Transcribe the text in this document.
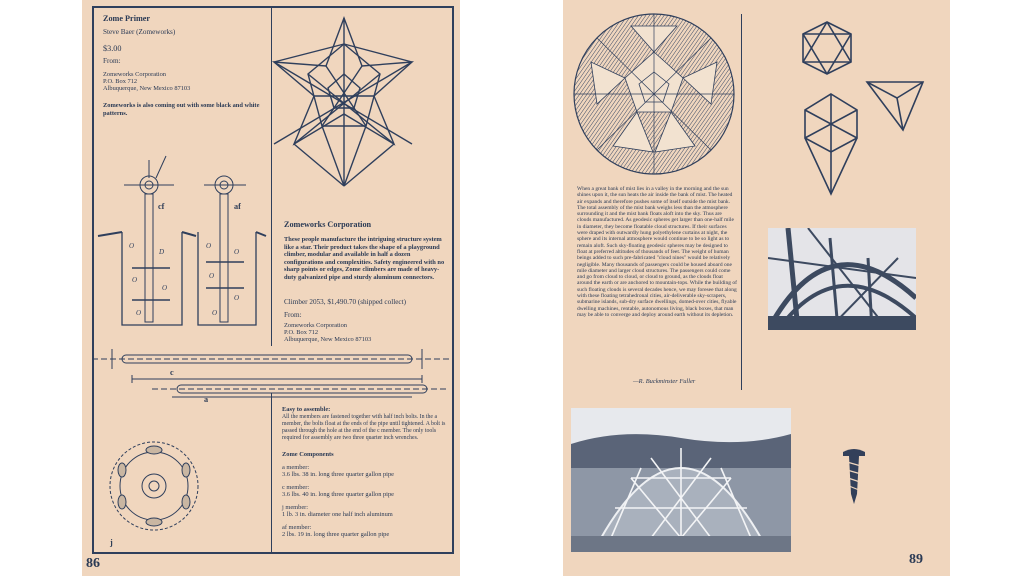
Zome Primer

Steve Baer (Zomeworks)

$3.00

From:

Zomeworks Corporation

P.O. Box 712

Albuquerque, New Mexico 87103

Zomeworks is also coming out with some black and white patterns.

O
D
O
O
O
O
O
O
O
O

cf	af

Zomeworks Corporation

These people manufacture the intriguing structure system like a star. Their product takes the shape of a playground climber, modular and available in half a dozen configurations and complexities. Safety engineered with no sharp points or edges, Zome climbers are made of heavy-duty galvanized pipe and sturdy aluminum connectors.

Climber 2053, $1,490.70 (shipped collect)

From:

Zomeworks Corporation

P.O. Box 712

Albuquerque, New Mexico 87103

c

a

j

Easy to assemble:

All the members are fastened together with half inch bolts. In the a member, the bolts float at the ends of the pipe until tightened. A bolt is passed through the hole at the end of the c member. The only tools required for assembly are two three quarter inch wrenches.

Zome Components

a member:

3.6 lbs. 38 in. long three quarter gallon pipe

c member:

3.6 lbs. 40 in. long three quarter gallon pipe

j member:

1 lb. 3 in. diameter one half inch aluminum

af member:

2 lbs. 19 in. long three quarter gallon pipe

86

When a great bank of mist lies in a valley in the morning and the sun shines upon it, the sun heats the air inside the bank of mist. The heated air expands and therefore pushes some of itself outside the mist bank. The total assembly of the mist bank weighs less than the atmosphere surrounding it and the mist bank floats aloft into the sky. Thus are clouds manufactured. As geodesic spheres get larger than one-half mile in diameter, they become floatable cloud structures. If their surfaces were draped with outwardly hung polyethylene curtains at night, the sphere and its internal atmosphere would continue to be so light as to remain aloft. Such sky-floating geodesic spheres may be designed to float at preferred altitudes of thousands of feet. The weight of human beings added to such pre-fabricated "cloud nines" would be relatively negligible. Many thousands of passengers could be housed aboard one mile diameter and larger cloud structures. The passengers could come and go from cloud to cloud, or cloud to ground, as the clouds float around the earth or are anchored to mountain-tops. While the building of such floating clouds is several decades hence, we may foresee that along with these floating tetrahedronal cities, air-deliverable sky-scrapers, submarine islands, sub-dry surface dwellings, domed-over cities, flyable dwelling machines, rentable, autonomous living, black boxes, that man may be able to converge and deploy around earth without its depletion.

—R. Buckminster Fuller

89
